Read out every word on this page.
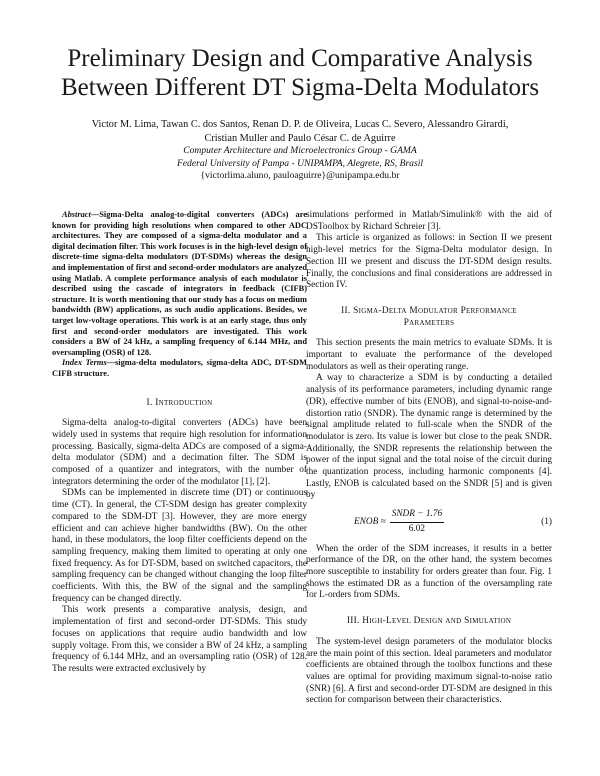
Preliminary Design and Comparative Analysis
Between Different DT Sigma-Delta Modulators
Victor M. Lima, Tawan C. dos Santos, Renan D. P. de Oliveira, Lucas C. Severo, Alessandro Girardi,
Cristian Muller and Paulo César C. de Aguirre
Computer Architecture and Microelectronics Group - GAMA
Federal University of Pampa - UNIPAMPA, Alegrete, RS, Brasil
{victorlima.aluno, pauloaguirre}@unipampa.edu.br

Abstract—Sigma-Delta analog-to-digital converters (ADCs) are known for providing high resolutions when compared to other ADC architectures. They are composed of a sigma-delta modulator and a digital decimation filter. This work focuses is in the high-level design of discrete-time sigma-delta modulators (DT-SDMs) whereas the design and implementation of first and second-order modulators are analyzed using Matlab. A complete performance analysis of each modulator is described using the cascade of integrators in feedback (CIFB) structure. It is worth mentioning that our study has a focus on medium bandwidth (BW) applications, as such audio applications. Besides, we target low-voltage operations. This work is at an early stage, thus only first and second-order modulators are investigated. This work considers a BW of 24 kHz, a sampling frequency of 6.144 MHz, and oversampling (OSR) of 128.

Index Terms—sigma-delta modulators, sigma-delta ADC, DT-SDM CIFB structure.

I. Introduction

Sigma-delta analog-to-digital converters (ADCs) have been widely used in systems that require high resolution for information processing. Basically, sigma-delta ADCs are composed of a sigma-delta modulator (SDM) and a decimation filter. The SDM is composed of a quantizer and integrators, with the number of integrators determining the order of the modulator [1], [2].

SDMs can be implemented in discrete time (DT) or continuous time (CT). In general, the CT-SDM design has greater complexity compared to the SDM-DT [3]. However, they are more energy efficient and can achieve higher bandwidths (BW). On the other hand, in these modulators, the loop filter coefficients depend on the sampling frequency, making them limited to operating at only one fixed frequency. As for DT-SDM, based on switched capacitors, the sampling frequency can be changed without changing the loop filter coefficients. With this, the BW of the signal and the sampling frequency can be changed directly.

This work presents a comparative analysis, design, and implementation of first and second-order DT-SDMs. This study focuses on applications that require audio bandwidth and low supply voltage. From this, we consider a BW of 24 kHz, a sampling frequency of 6.144 MHz, and an oversampling ratio (OSR) of 128. The results were extracted exclusively by

simulations performed in Matlab/Simulink® with the aid of DSToolbox by Richard Schreier [3].

This article is organized as follows: in Section II we present high-level metrics for the Sigma-Delta modulator design. In Section III we present and discuss the DT-SDM design results. Finally, the conclusions and final considerations are addressed in Section IV.

II. Sigma-Delta Modulator Performance
Parameters

This section presents the main metrics to evaluate SDMs. It is important to evaluate the performance of the developed modulators as well as their operating range.

A way to characterize a SDM is by conducting a detailed analysis of its performance parameters, including dynamic range (DR), effective number of bits (ENOB), and signal-to-noise-and-distortion ratio (SNDR). The dynamic range is determined by the signal amplitude related to full-scale when the SNDR of the modulator is zero. Its value is lower but close to the peak SNDR. Additionally, the SNDR represents the relationship between the power of the input signal and the total noise of the circuit during the quantization process, including harmonic components [4]. Lastly, ENOB is calculated based on the SNDR [5] and is given by

ENOB ≈ $\frac{\text{SNDR − 1.76}}{6.02}$	(1)

When the order of the SDM increases, it results in a better performance of the DR, on the other hand, the system becomes more susceptible to instability for orders greater than four. Fig. 1 shows the estimated DR as a function of the oversampling rate for L-orders from SDMs.

III. High-Level Design and Simulation

The system-level design parameters of the modulator blocks are the main point of this section. Ideal parameters and modulator coefficients are obtained through the toolbox functions and these values are optimal for providing maximum signal-to-noise ratio (SNR) [6]. A first and second-order DT-SDM are designed in this section for comparison between their characteristics.
